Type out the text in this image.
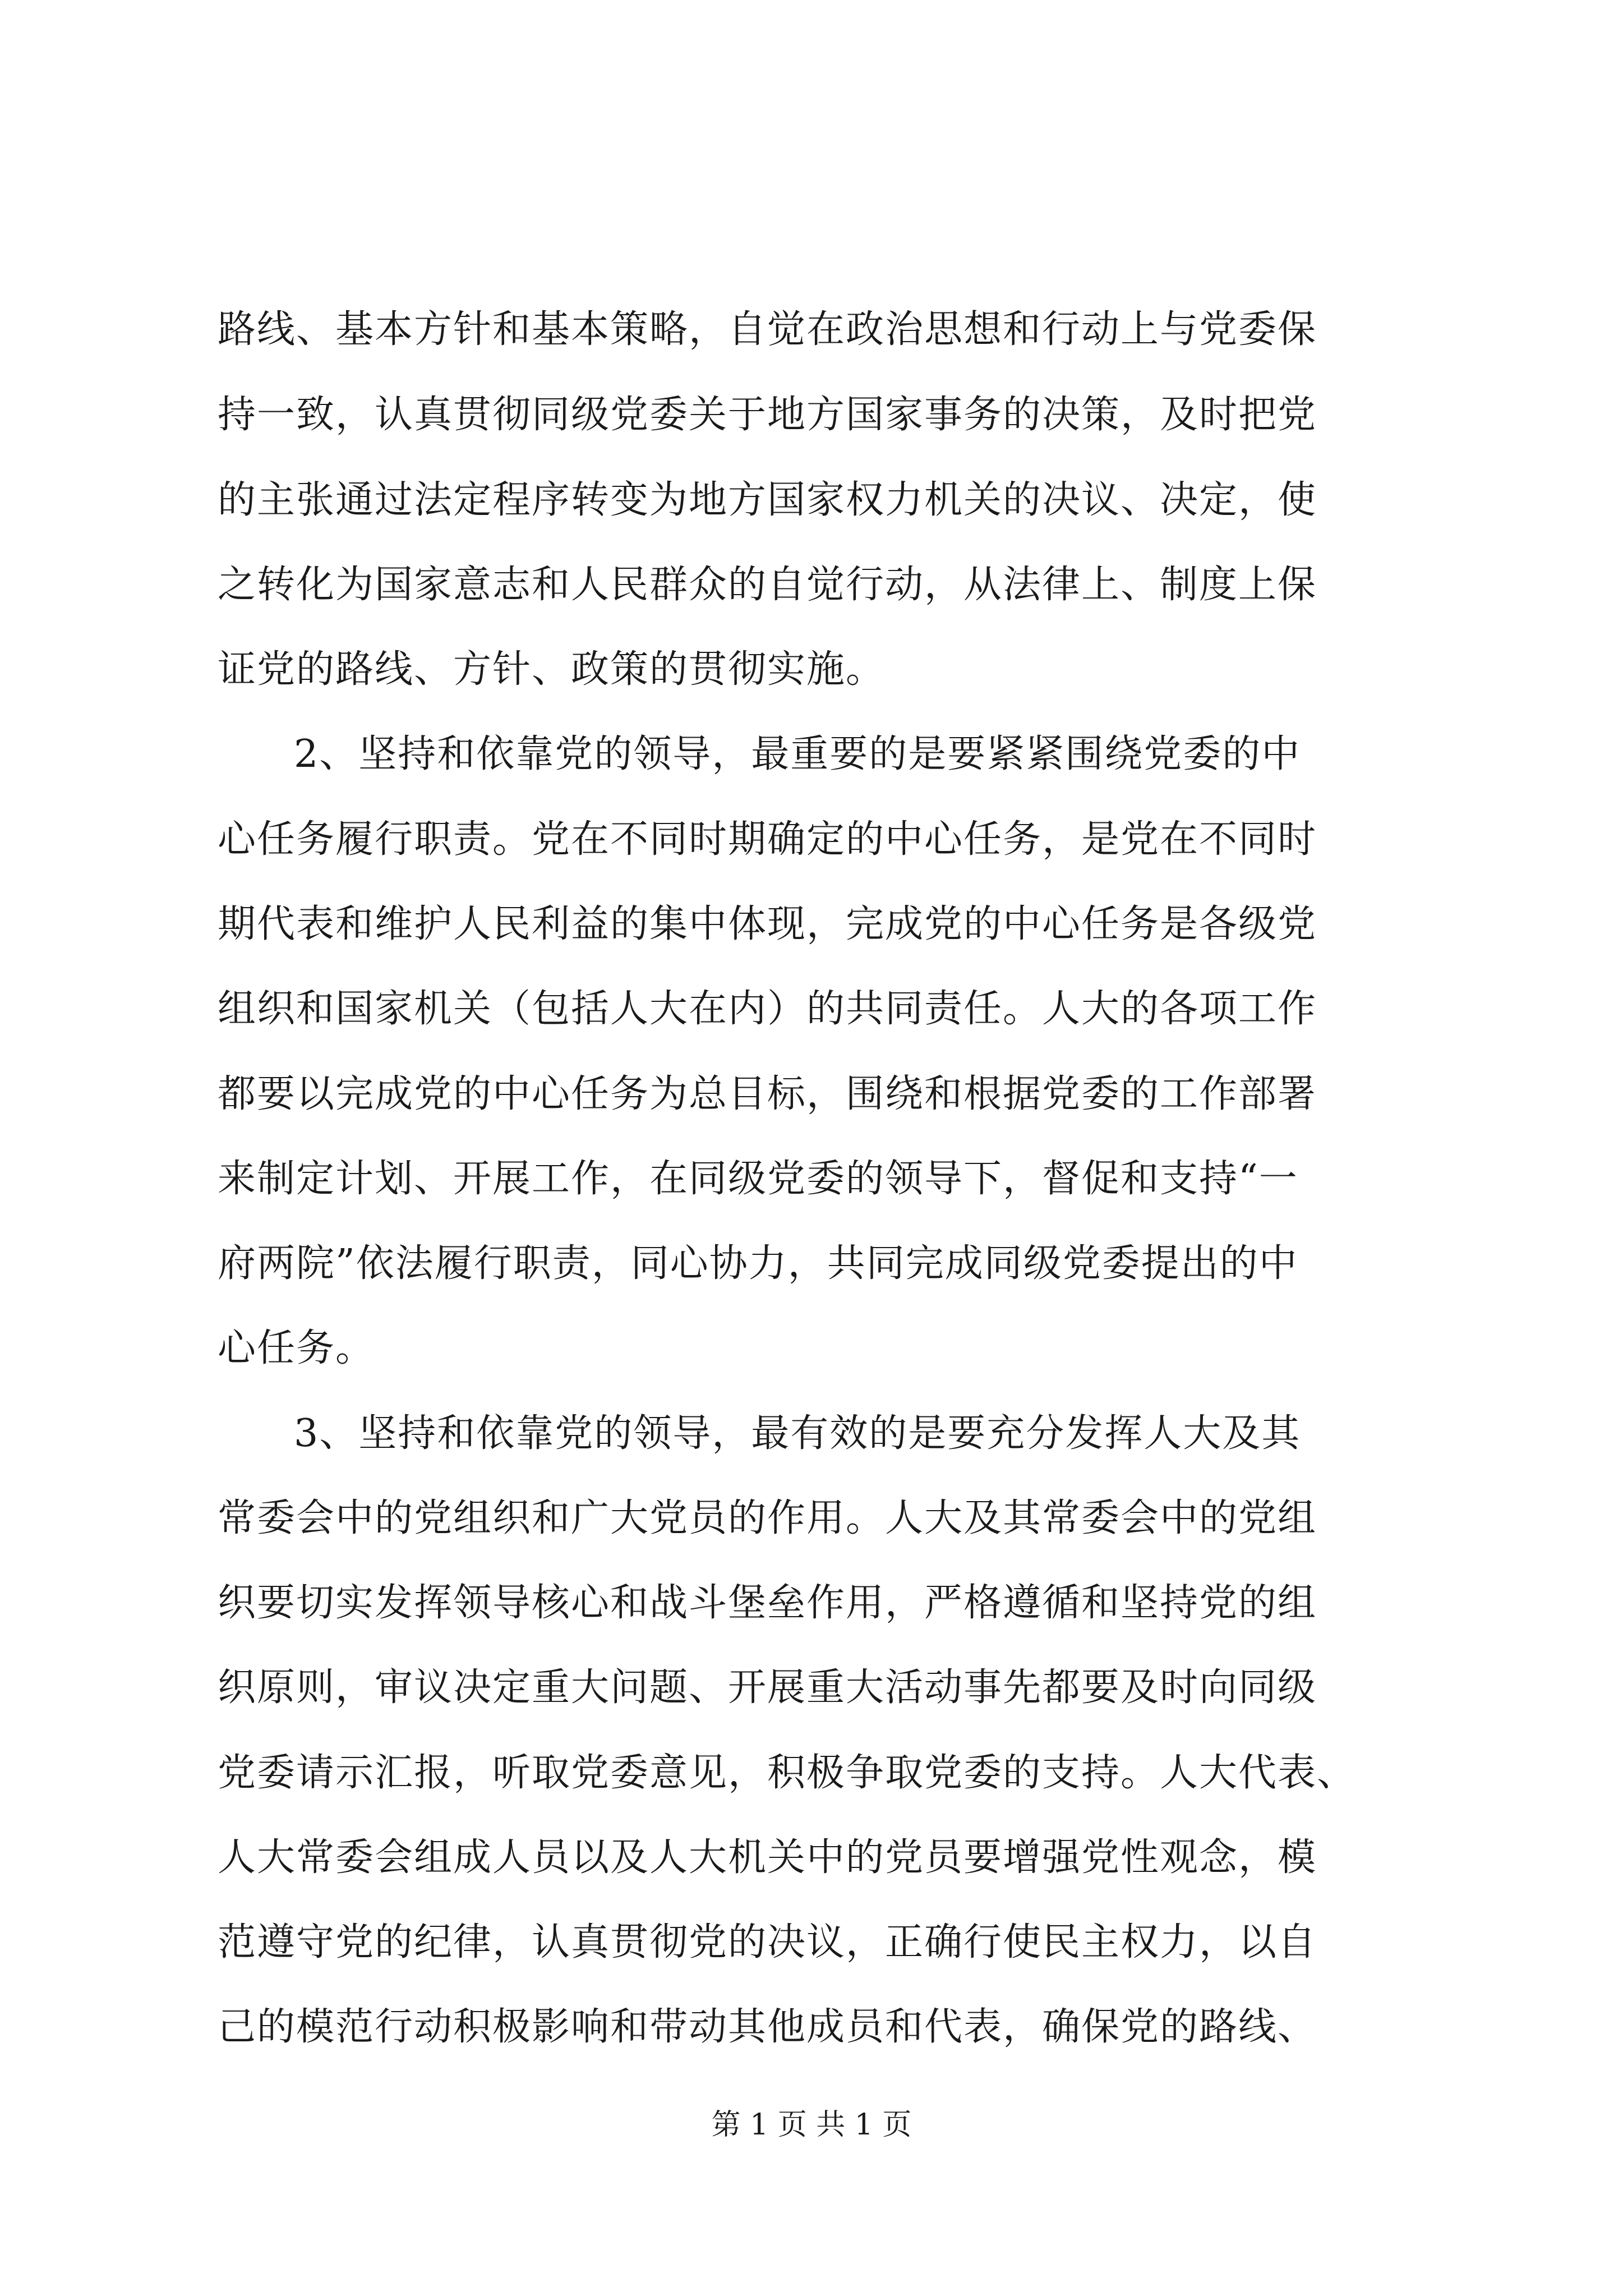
路线、基本方针和基本策略，自觉在政治思想和行动上与党委保
持一致，认真贯彻同级党委关于地方国家事务的决策，及时把党
的主张通过法定程序转变为地方国家权力机关的决议、决定，使
之转化为国家意志和人民群众的自觉行动，从法律上、制度上保
证党的路线、方针、政策的贯彻实施。
2、坚持和依靠党的领导，最重要的是要紧紧围绕党委的中
心任务履行职责。党在不同时期确定的中心任务，是党在不同时
期代表和维护人民利益的集中体现，完成党的中心任务是各级党
组织和国家机关（包括人大在内）的共同责任。人大的各项工作
都要以完成党的中心任务为总目标，围绕和根据党委的工作部署
来制定计划、开展工作，在同级党委的领导下，督促和支持“一
府两院”依法履行职责，同心协力，共同完成同级党委提出的中
心任务。
3、坚持和依靠党的领导，最有效的是要充分发挥人大及其
常委会中的党组织和广大党员的作用。人大及其常委会中的党组
织要切实发挥领导核心和战斗堡垒作用，严格遵循和坚持党的组
织原则，审议决定重大问题、开展重大活动事先都要及时向同级
党委请示汇报，听取党委意见，积极争取党委的支持。人大代表、
人大常委会组成人员以及人大机关中的党员要增强党性观念，模
范遵守党的纪律，认真贯彻党的决议，正确行使民主权力，以自
己的模范行动积极影响和带动其他成员和代表，确保党的路线、
第 1 页 共 1 页
